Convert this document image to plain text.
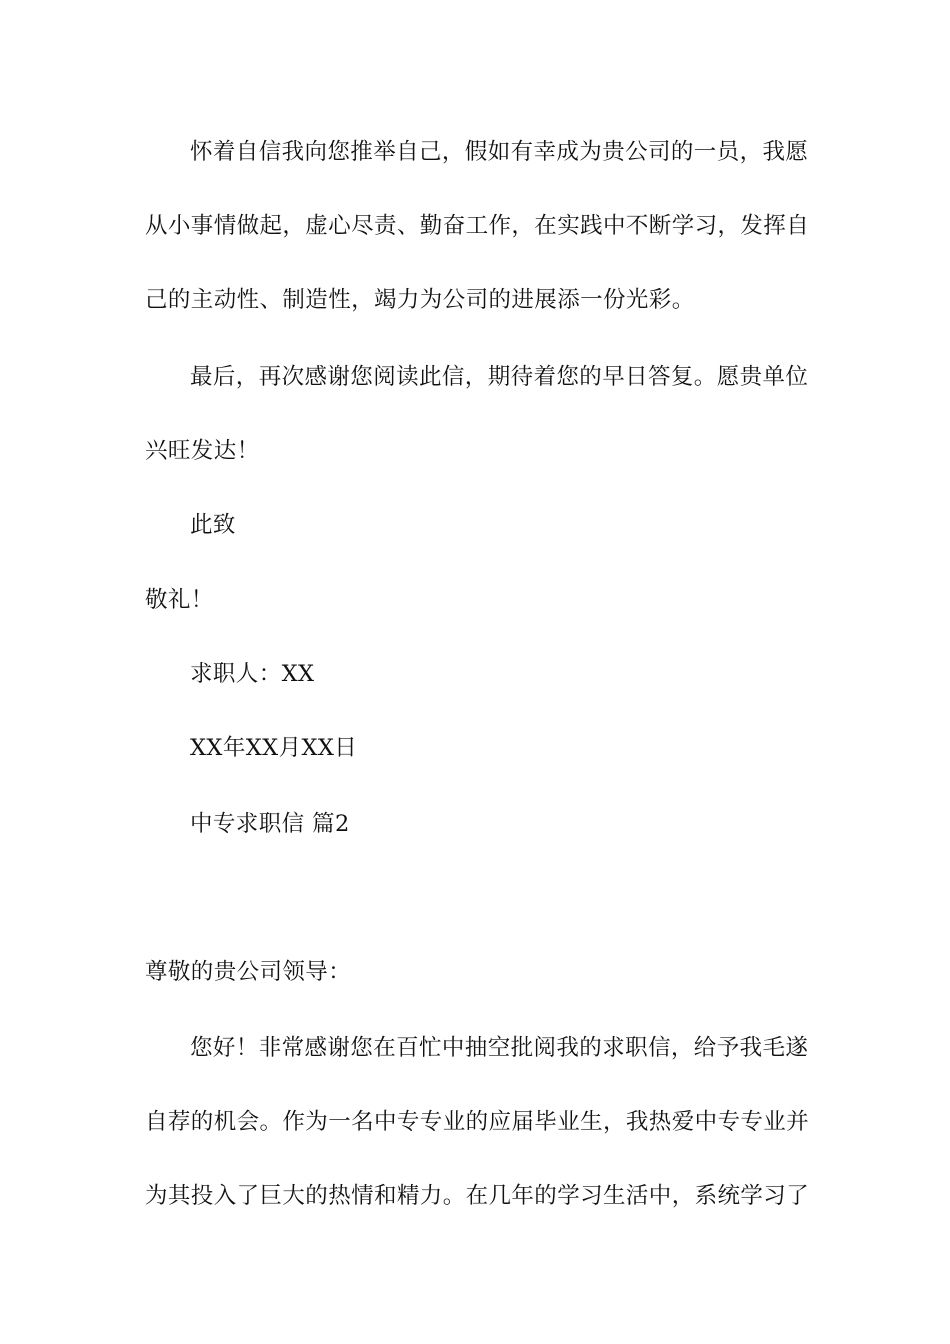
怀着自信我向您推举自己，假如有幸成为贵公司的一员，我愿
从小事情做起，虚心尽责、勤奋工作，在实践中不断学习，发挥自
己的主动性、制造性，竭力为公司的进展添一份光彩。
最后，再次感谢您阅读此信，期待着您的早日答复。愿贵单位
兴旺发达！
此致
敬礼！
求职人：XX
XX年XX月XX日
中专求职信 篇2
尊敬的贵公司领导：
您好！非常感谢您在百忙中抽空批阅我的求职信，给予我毛遂
自荐的机会。作为一名中专专业的应届毕业生，我热爱中专专业并
为其投入了巨大的热情和精力。在几年的学习生活中，系统学习了
